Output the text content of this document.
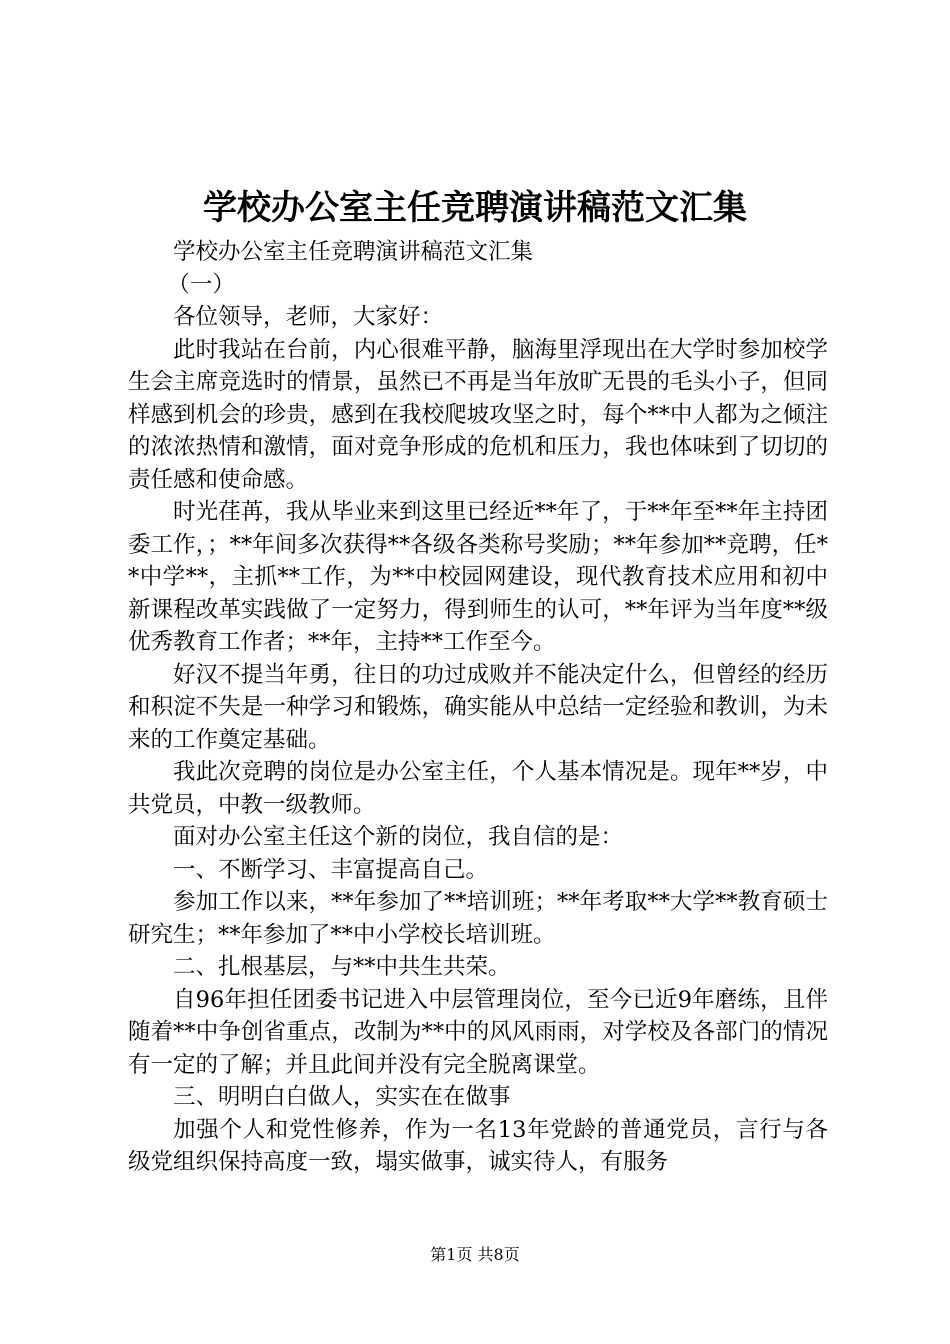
学校办公室主任竞聘演讲稿范文汇集

学校办公室主任竞聘演讲稿范文汇集

（一）

各位领导，老师，大家好：

此时我站在台前，内心很难平静，脑海里浮现出在大学时参加校学生会主席竞选时的情景，虽然已不再是当年放旷无畏的毛头小子，但同样感到机会的珍贵，感到在我校爬坡攻坚之时，每个**中人都为之倾注的浓浓热情和激情，面对竞争形成的危机和压力，我也体味到了切切的责任感和使命感。

时光荏苒，我从毕业来到这里已经近**年了，于**年至**年主持团委工作，；**年间多次获得**各级各类称号奖励；**年参加**竞聘，任**中学**，主抓**工作，为**中校园网建设，现代教育技术应用和初中新课程改革实践做了一定努力，得到师生的认可，**年评为当年度**级优秀教育工作者；**年，主持**工作至今。

好汉不提当年勇，往日的功过成败并不能决定什么，但曾经的经历和积淀不失是一种学习和锻炼，确实能从中总结一定经验和教训，为未来的工作奠定基础。

我此次竞聘的岗位是办公室主任，个人基本情况是。现年**岁，中共党员，中教一级教师。

面对办公室主任这个新的岗位，我自信的是：

一、不断学习、丰富提高自己。

参加工作以来，**年参加了**培训班；**年考取**大学**教育硕士研究生；**年参加了**中小学校长培训班。

二、扎根基层，与**中共生共荣。

自96年担任团委书记进入中层管理岗位，至今已近9年磨练，且伴随着**中争创省重点，改制为**中的风风雨雨，对学校及各部门的情况有一定的了解；并且此间并没有完全脱离课堂。

三、明明白白做人，实实在在做事

加强个人和党性修养，作为一名13年党龄的普通党员，言行与各级党组织保持高度一致，塌实做事，诚实待人，有服务

第1页 共8页
